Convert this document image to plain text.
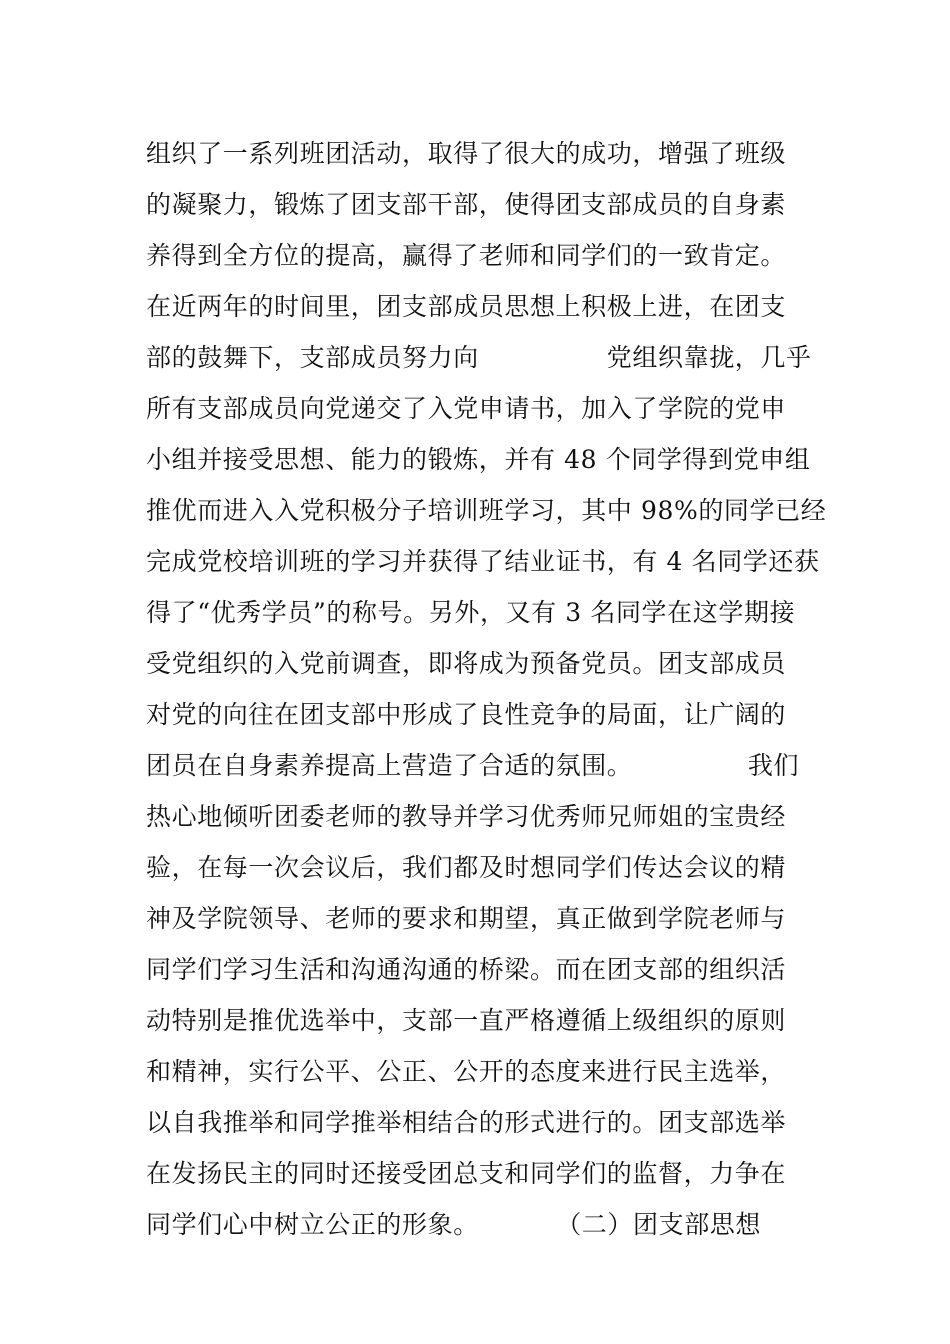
组织了一系列班团活动，取得了很大的成功，增强了班级
的凝聚力，锻炼了团支部干部，使得团支部成员的自身素
养得到全方位的提高，赢得了老师和同学们的一致肯定。
在近两年的时间里，团支部成员思想上积极上进，在团支
部的鼓舞下，支部成员努力向　　　　　党组织靠拢，几乎
所有支部成员向党递交了入党申请书，加入了学院的党申
小组并接受思想、能力的锻炼，并有 48 个同学得到党申组
推优而进入入党积极分子培训班学习，其中 98%的同学已经
完成党校培训班的学习并获得了结业证书，有 4 名同学还获
得了“优秀学员”的称号。另外，又有 3 名同学在这学期接
受党组织的入党前调查，即将成为预备党员。团支部成员
对党的向往在团支部中形成了良性竞争的局面，让广阔的
团员在自身素养提高上营造了合适的氛围。　　　　　我们
热心地倾听团委老师的教导并学习优秀师兄师姐的宝贵经
验，在每一次会议后，我们都及时想同学们传达会议的精
神及学院领导、老师的要求和期望，真正做到学院老师与
同学们学习生活和沟通沟通的桥梁。而在团支部的组织活
动特别是推优选举中，支部一直严格遵循上级组织的原则
和精神，实行公平、公正、公开的态度来进行民主选举，
以自我推举和同学推举相结合的形式进行的。团支部选举
在发扬民主的同时还接受团总支和同学们的监督，力争在
同学们心中树立公正的形象。　　　　（二）团支部思想
